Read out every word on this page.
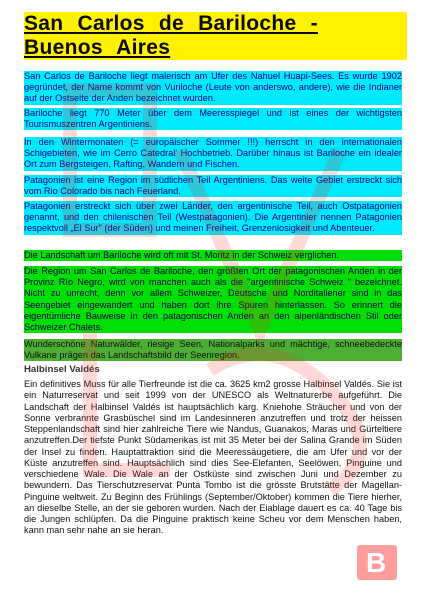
San Carlos de Bariloche - Buenos Aires

San Carlos de Bariloche liegt malerisch am Ufer des Nahuel Huapi-Sees. Es wurde 1902 gegründet, der Name kommt von Vuriloche (Leute von anderswo, andere), wie die Indianer auf der Ostseite der Anden bezeichnet wurden.

Bariloche liegt 770 Meter über dem Meeresspiegel und ist eines der wichtigsten Tourismuszentren Argentiniens.

In den Wintermonaten (= europäischer Sommer !!!) herrscht in den internationalen Schigebieten, wie im Cerro Catedral' Hochbetrieb. Darüber hinaus ist Bariloche ein idealer Ort zum Bergsteigen, Rafting, Wandern und Fischen.

Patagonien ist eine Region im südlichen Teil Argentiniens. Das weite Gebiet erstreckt sich vom Rio Colorado bis nach Feuerland.

Patagonien erstreckt sich über zwei Länder, den argentinische Teil, auch Ostpatagonien genannt, und den chilenischen Teil (Westpatagonien). Die Argentinier nennen Patagonien respektvoll „El Sur" (der Süden) und meinen Freiheit, Grenzenlosigkeit und Abenteuer.

Die Landschaft um Bariloche wird oft mit St. Moritz in der Schweiz verglichen.

Die Region um San Carlos de Bariloche, den größten Ort der patagonischen Anden in der Provinz Río Negro, wird von manchen auch als die "argentinische Schweiz " bezeichnet. Nicht zu unrecht, denn vor allem Schweizer, Deutsche und Norditaliener sind in das Seengebiet eingewandert und haben dort ihre Spuren hinterlassen. So erinnert die eigentümliche Bauweise in den patagonischen Anden an den alpenländischen Stil oder Schweizer Chalets.

Wunderschöne Naturwälder, riesige Seen, Nationalparks und mächtige, schneebedeckte Vulkane prägen das Landschaftsbild der Seenregion.

Halbinsel Valdés

Ein definitives Muss für alle Tierfreunde ist die ca. 3625 km2 grosse Halbinsel Valdés. Sie ist ein Naturreservat und seit 1999 von der UNESCO als Weltnaturerbe aufgeführt. Die Landschaft der Halbinsel Valdés ist hauptsächlich karg. Kniehohe Sträucher und von der Sonne verbrannte Grasbüschel sind im Landesinneren anzutreffen und trotz der heissen Steppenlandschaft sind hier zahlreiche Tiere wie Nandus, Guanakos, Maras und Gürteltiere anzutreffen.Der tiefste Punkt Südamerikas ist mit 35 Meter bei der Salina Grande im Süden der Insel zu finden. Hauptattraktion sind die Meeressäugetiere, die am Ufer und vor der Küste anzutreffen sind. Hauptsächlich sind dies See-Elefanten, Seelöwen, Pinguine und verschiedene Wale. Die Wale an der Ostküste sind zwischen Juni und Dezember zu bewundern. Das Tierschutzreservat Punta Tombo ist die grösste Brutstätte der Magellan-Pinguine weltweit. Zu Beginn des Frühlings (September/Oktober) kommen die Tiere hierher, an dieselbe Stelle, an der sie geboren wurden. Nach der Eiablage dauert es ca. 40 Tage bis die Jungen schlüpfen. Da die Pinguine praktisch keine Scheu vor dem Menschen haben, kann man sehr nahe an sie heran.

B
